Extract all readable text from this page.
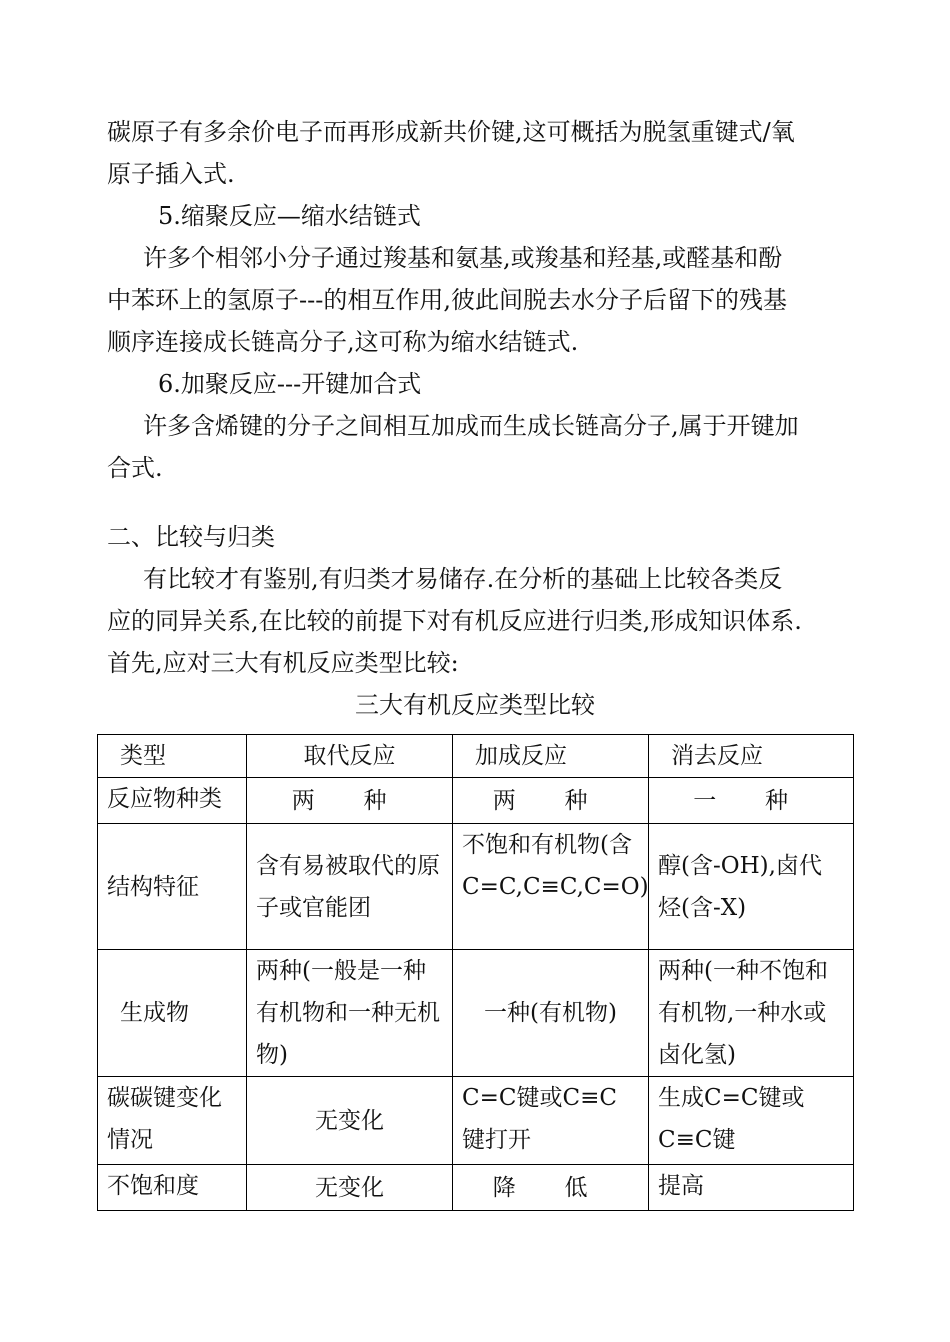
碳原子有多余价电子而再形成新共价键,这可概括为脱氢重键式/氧
原子插入式.
5.缩聚反应—缩水结链式
许多个相邻小分子通过羧基和氨基,或羧基和羟基,或醛基和酚
中苯环上的氢原子---的相互作用,彼此间脱去水分子后留下的残基
顺序连接成长链高分子,这可称为缩水结链式.
6.加聚反应---开键加合式
许多含烯键的分子之间相互加成而生成长链高分子,属于开键加
合式.
二、比较与归类
有比较才有鉴别,有归类才易储存.在分析的基础上比较各类反
应的同异关系,在比较的前提下对有机反应进行归类,形成知识体系.
首先,应对三大有机反应类型比较:
三大有机反应类型比较
类型	取代反应	加成反应	消去反应
反应物种类	两 种	两 种	一 种
结构特征	含有易被取代的原子或官能团	不饱和有机物(含C=C,C≡C,C=O)	醇(含-OH),卤代烃(含-X)
生成物	两种(一般是一种有机物和一种无机物)	一种(有机物)	两种(一种不饱和有机物,一种水或卤化氢)
碳碳键变化情况	无变化	C=C键或C≡C键打开	生成C=C键或C≡C键
不饱和度	无变化	降 低	提高
